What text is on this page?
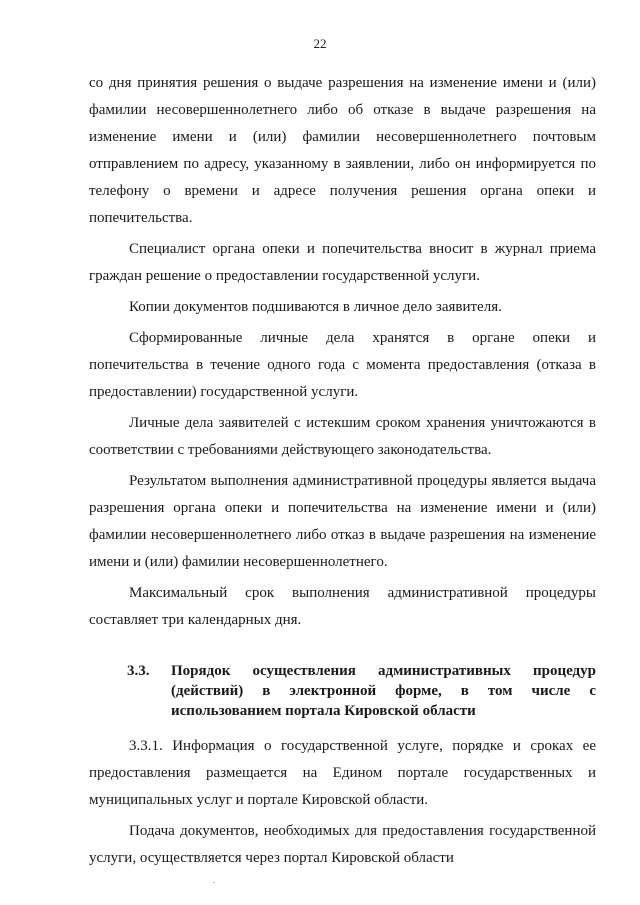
22

со дня принятия решения о выдаче разрешения на изменение имени и (или) фамилии несовершеннолетнего либо об отказе в выдаче разрешения на изменение имени и (или) фамилии несовершеннолетнего почтовым отправлением по адресу, указанному в заявлении, либо он информируется по телефону о времени и адресе получения решения органа опеки и попечительства.

Специалист органа опеки и попечительства вносит в журнал приема граждан решение о предоставлении государственной услуги.

Копии документов подшиваются в личное дело заявителя.

Сформированные личные дела хранятся в органе опеки и попечительства в течение одного года с момента предоставления (отказа в предоставлении) государственной услуги.

Личные дела заявителей с истекшим сроком хранения уничтожаются в соответствии с требованиями действующего законодательства.

Результатом выполнения административной процедуры является выдача разрешения органа опеки и попечительства на изменение имени и (или) фамилии несовершеннолетнего либо отказ в выдаче разрешения на изменение имени и (или) фамилии несовершеннолетнего.

Максимальный срок выполнения административной процедуры составляет три календарных дня.

3.3.	Порядок осуществления административных процедур (действий) в электронной форме, в том числе с использованием портала Кировской области

3.3.1. Информация о государственной услуге, порядке и сроках ее предоставления размещается на Едином портале государственных и муниципальных услуг и портале Кировской области.

Подача документов, необходимых для предоставления государственной услуги, осуществляется через портал Кировской области
